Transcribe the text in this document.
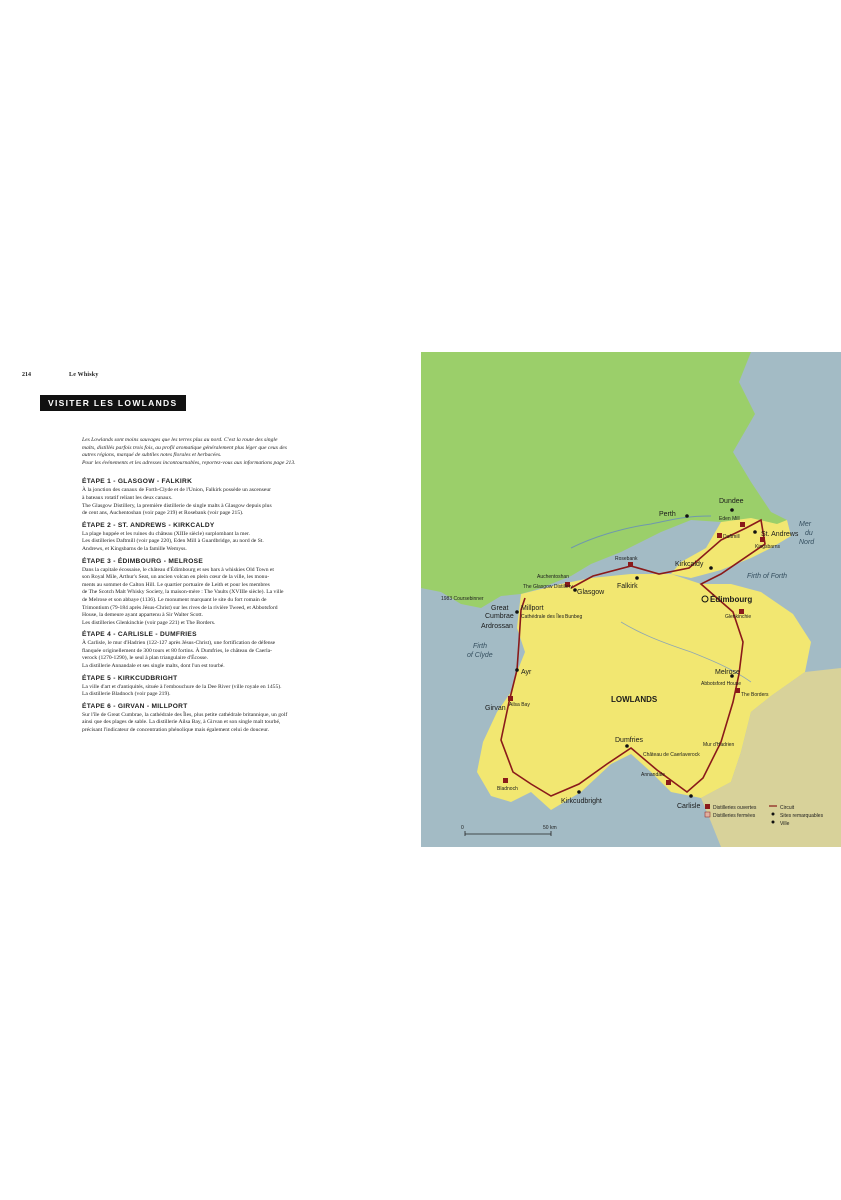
214	Le Whisky
VISITER LES LOWLANDS

Les Lowlands sont moins sauvages que les terres plus au nord. C'est la route des single

malts, distillés parfois trois fois, au profil aromatique généralement plus léger que ceux des

autres régions, marqué de subtiles notes florales et herbacées.

Pour les événements et les adresses incontournables, reportez-vous aux informations page 213.

ÉTAPE 1 - GLASGOW - FALKIRK

À la jonction des canaux de Forth-Clyde et de l'Union, Falkirk possède un ascenseur

à bateaux rotatif reliant les deux canaux.

The Glasgow Distillery, la première distillerie de single malts à Glasgow depuis plus

de cent ans, Auchentoshan (voir page 219) et Rosebank (voir page 215).

ÉTAPE 2 - ST. ANDREWS - KIRKCALDY

La plage huppée et les ruines du château (XIIIe siècle) surplombant la mer.

Les distilleries Daftmill (voir page 220), Eden Mill à Guardbridge, au nord de St.

Andrews, et Kingsbarns de la famille Wemyss.

ÉTAPE 3 - ÉDIMBOURG - MELROSE

Dans la capitale écossaise, le château d'Édimbourg et ses bars à whiskies Old Town et

son Royal Mile, Arthur's Seat, un ancien volcan en plein cœur de la ville, les monu-

ments au sommet de Calton Hill. Le quartier portuaire de Leith et pour les membres

de The Scotch Malt Whisky Society, la maison-mère : The Vaults (XVIIIe siècle). La ville

de Melrose et son abbaye (1136). Le monument marquant le site du fort romain de

Trimontium (79-184 après Jésus-Christ) sur les rives de la rivière Tweed, et Abbotsford

House, la demeure ayant appartenu à Sir Walter Scott.

Les distilleries Glenkinchie (voir page 221) et The Borders.

ÉTAPE 4 - CARLISLE - DUMFRIES

À Carlisle, le mur d'Hadrien (122-127 après Jésus-Christ), une fortification de défense

flanquée originellement de 300 tours et 80 fortins. À Dumfries, le château de Caerla-

verock (1270-1290), le seul à plan triangulaire d'Écosse.

La distillerie Annandale et ses single malts, dont l'un est tourbé.

ÉTAPE 5 - KIRKCUDBRIGHT

La ville d'art et d'antiquités, située à l'embouchure de la Dee River (ville royale en 1455).

La distillerie Bladnoch (voir page 219).

ÉTAPE 6 - GIRVAN - MILLPORT

Sur l'île de Great Cumbrae, la cathédrale des Îles, plus petite cathédrale britannique, un golf

ainsi que des plages de sable. La distillerie Ailsa Bay, à Girvan et son single malt tourbé,

précisant l'indicateur de concentration phénolique mais également celui de douceur.

Perth
Dundee
St. Andrews
Kirkcaldy
Falkirk
Glasgow
Édimbourg
Melrose
Millport
Great
Cumbrae
Ardrossan
Ayr
Girvan
Dumfries
Kirkcudbright
Carlisle
Eden Mill
Daftmill
Kingsbarns
Rosebank
Auchentoshan
The Glasgow Distillery
Glenkinchie
The Borders
Ailsa Bay
Bladnoch
Annandale
Cathédrale des Îles Bunbeg
Abbotsford House
Mur d'Hadrien
Château de Caerlaverock
1983 Coursebinner
LOWLANDS
Mer
du
Nord
Firth of Forth
Firth
of Clyde
Distilleries ouvertes
Distilleries fermées
Circuit
Sites remarquables
Ville
0	50 km
